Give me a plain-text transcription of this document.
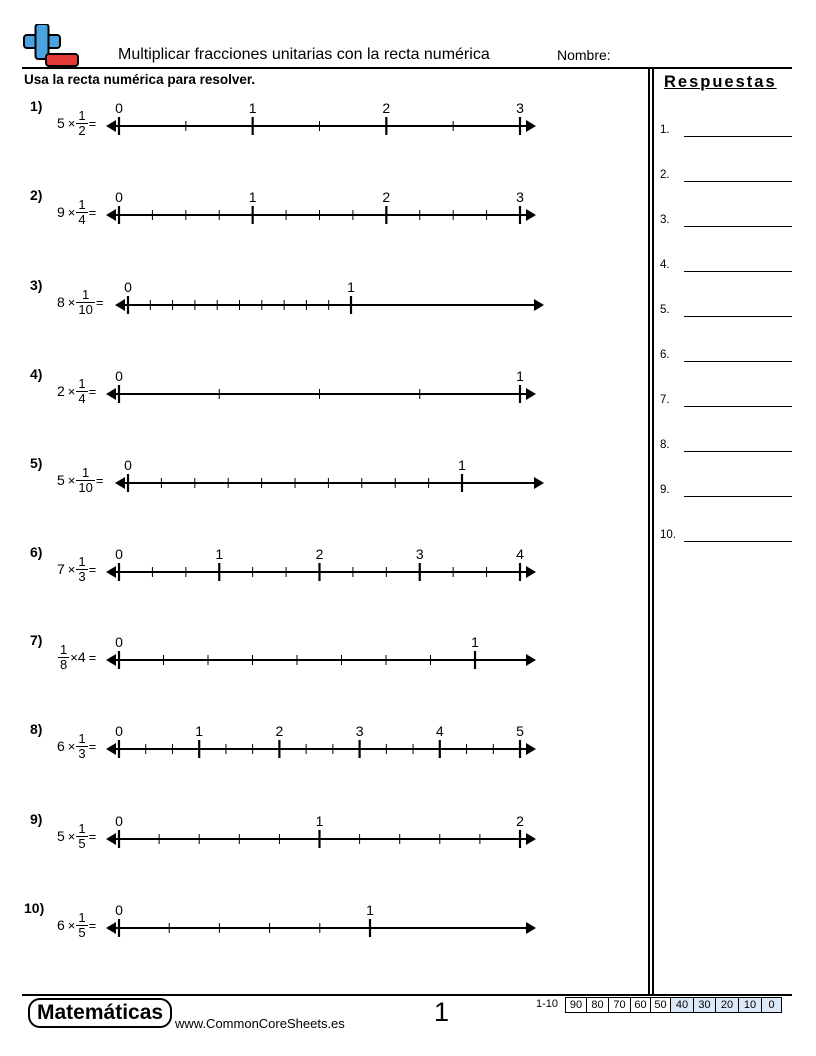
Multiplicar fracciones unitarias con la recta numérica	Nombre:
Usa la recta numérica para resolver.	Respuestas
1.
2.
3.
4.
5.
6.
7.
8.
9.
10.
1)
$5 \times \frac{1}{2}$ =
0	1	2	3
2)
$9 \times \frac{1}{4}$ =
0	1	2	3
3)
$8 \times \frac{1}{10}$ =
0	1
4)
$2 \times \frac{1}{4}$ =
0	1
5)
$5 \times \frac{1}{10}$ =
0	1
6)
$7 \times \frac{1}{3}$ =
0	1	2	3	4
7)
$\frac{1}{8} \times 4$ =
0	1
8)
$6 \times \frac{1}{3}$ =
0	1	2	3	4	5
9)
$5 \times \frac{1}{5}$ =
0	1	2
10)
$6 \times \frac{1}{5}$ =
0	1
Matemáticas www.CommonCoreSheets.es	1	1-10	90 80 70 60 50 40 30 20 10	0
